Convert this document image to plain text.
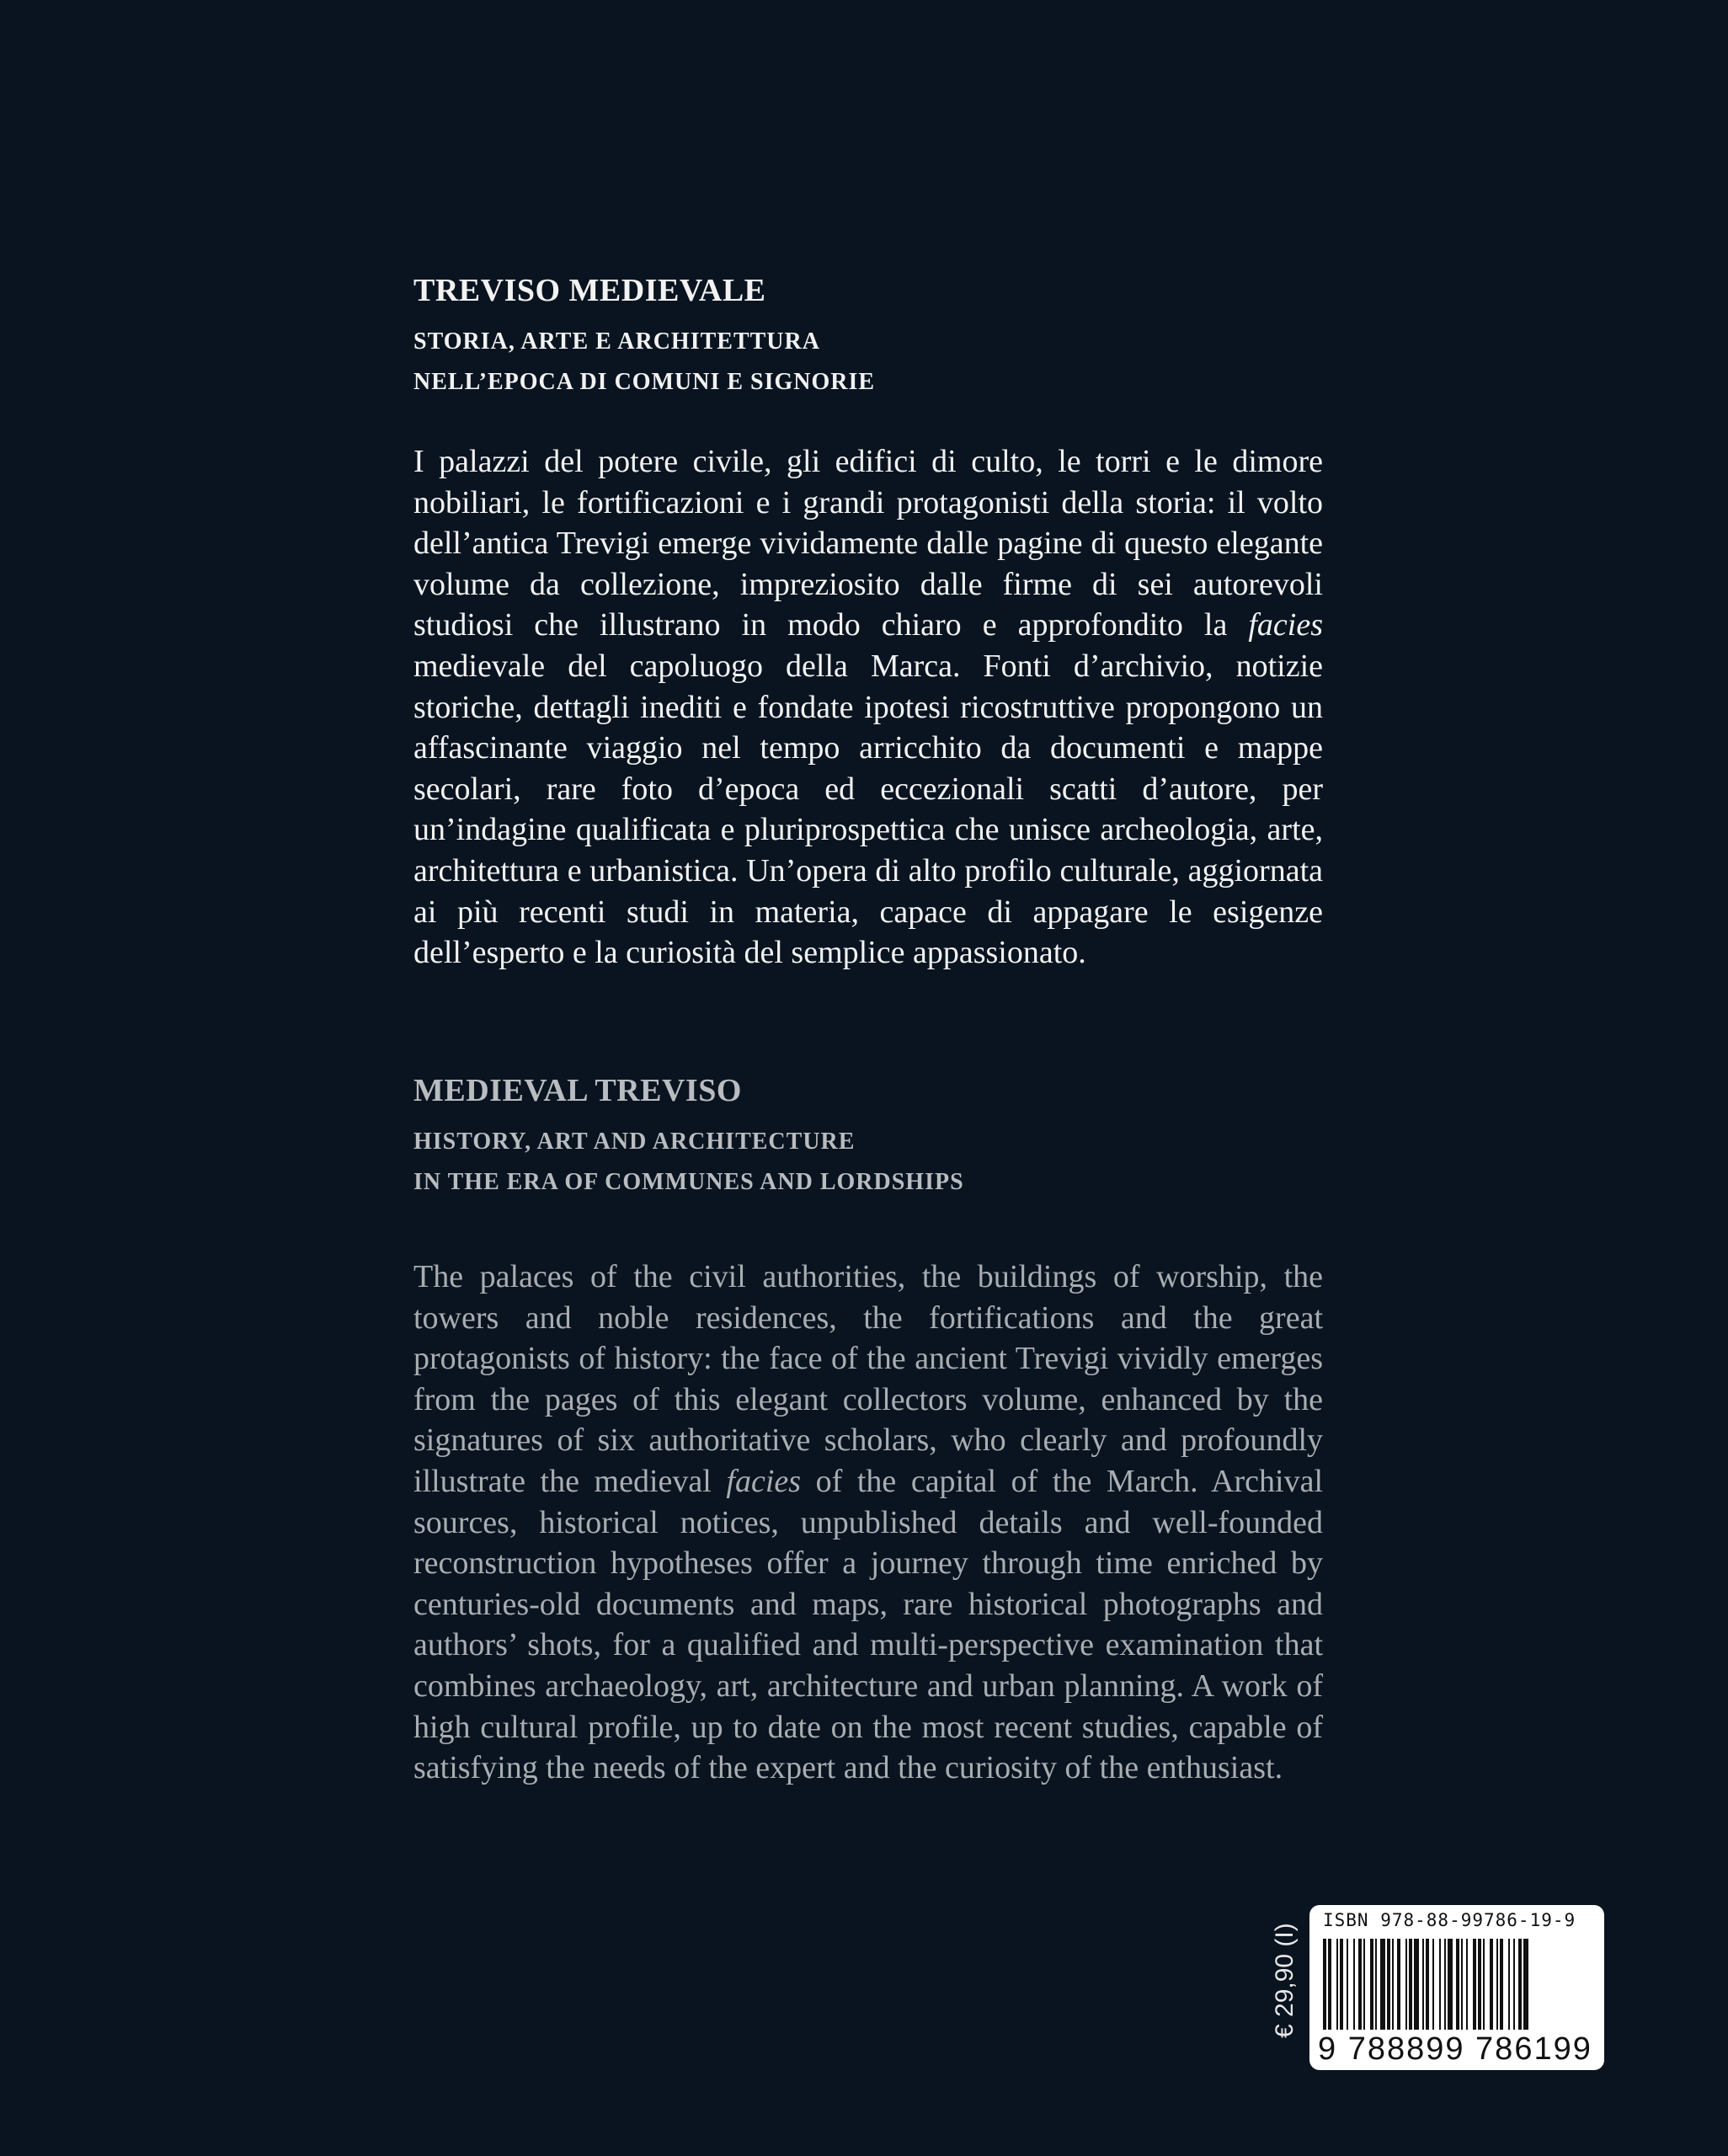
TREVISO MEDIEVALE

STORIA, ARTE E ARCHITETTURA

NELL’EPOCA DI COMUNI E SIGNORIE

I palazzi del potere civile, gli edifici di culto, le torri e le dimore nobiliari, le fortificazioni e i grandi protagonisti della storia: il volto dell’antica Trevigi emerge vividamente dalle pagine di questo elegante volume da collezione, impreziosito dalle firme di sei autorevoli studiosi che illustrano in modo chiaro e approfondito la facies medievale del capoluogo della Marca. Fonti d’archivio, notizie storiche, dettagli inediti e fondate ipotesi ricostruttive propongono un affascinante viaggio nel tempo arricchito da documenti e mappe secolari, rare foto d’epoca ed eccezionali scatti d’autore, per un’indagine qualificata e pluriprospettica che unisce archeologia, arte, architettura e urbanistica. Un’opera di alto profilo culturale, aggiornata ai più recenti studi in materia, capace di appagare le esigenze dell’esperto e la curiosità del semplice appassionato.

MEDIEVAL TREVISO

HISTORY, ART AND ARCHITECTURE

IN THE ERA OF COMMUNES AND LORDSHIPS

The palaces of the civil authorities, the buildings of worship, the towers and noble residences, the fortifications and the great protagonists of history: the face of the ancient Trevigi vividly emerges from the pages of this elegant collectors volume, enhanced by the signatures of six authoritative scholars, who clearly and profoundly illustrate the medieval facies of the capital of the March. Archival sources, historical notices, unpublished details and well-founded reconstruction hypotheses offer a journey through time enriched by centuries-old documents and maps, rare historical photographs and authors’ shots, for a qualified and multi-perspective examination that combines archaeology, art, architecture and urban planning. A work of high cultural profile, up to date on the most recent studies, capable of satisfying the needs of the expert and the curiosity of the enthusiast.

€ 29,90 (I)
ISBN 978-88-99786-19-9
9 788899 786199
